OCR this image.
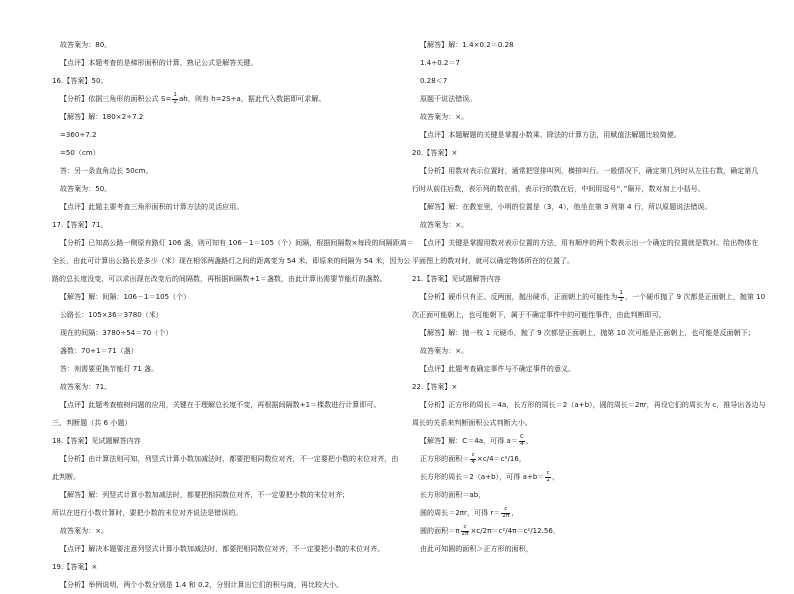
故答案为：80。
【点评】本题考查的是梯形面积的计算，熟记公式是解答关键。
16.【答案】50。
【分析】依据三角形的面积公式 $S= \frac{1}{2}$ ah，则有 h=2S÷a，据此代入数据即可求解。
【解答】解：180×2÷7.2
=360÷7.2
=50（cm）
答：另一条直角边长 50cm。
故答案为：50。
【点评】此题主要考查三角形面积的计算方法的灵活应用。
17.【答案】71。
【分析】已知高公路一侧原有路灯 106 盏，则可知有 106－1＝105（个）间隔，根据间隔数×每段的间隔距离＝
全长，由此可计算出公路长是多少（米）现在相邻两盏路灯之间的距离变为 54 米，即原来的间隔为 54 米，因为公
路的总长度没变，可以求出现在改变后的间隔数，再根据间隔数+1＝盏数，由此计算出需要节能灯的盏数。
【解答】解：间隔：106－1＝105（个）
公路长：105×36＝3780（米）
现在的间隔：3780÷54＝70（个）
盏数：70+1＝71（盏）
答：则需要更换节能灯 71 盏。
故答案为：71。
【点评】此题考查植树问题的应用，关键在于理解总长度不变，再根据间隔数+1＝棵数进行计算即可。
三、判断题（共 6 小题）
18.【答案】见试题解答内容
【分析】由计算法则可知，列竖式计算小数加减法时，都要把相同数位对齐，不一定要把小数的末位对齐，由
此判断。
【解答】解：列竖式计算小数加减法时，都要把相同数位对齐，不一定要把小数的末位对齐；
所以在进行小数计算时，要把小数的末位对齐说法是错误的。
故答案为：×。
【点评】解决本题要注意列竖式计算小数加减法时，都要把相同数位对齐，不一定要把小数的末位对齐。
19.【答案】×
【分析】举例说明，两个小数分别是 1.4 和 0.2，分别计算出它们的积与商，再比较大小。
【解答】解：1.4×0.2＝0.28
1.4÷0.2＝7
0.28＜7
原题干说法错误。
故答案为：×。
【点评】本题解题的关键是掌握小数乘、除法的计算方法，用赋值法解题比较简便。
20.【答案】×
【分析】用数对表示位置时，通常把竖排叫列，横排叫行。一般情况下，确定第几列时从左往右数，确定第几
行时从前往后数，表示列的数在前，表示行的数在后，中间用逗号“，”隔开，数对加上小括号。
【解答】解：在教室里，小明的位置是（3，4），他坐在第 3 列第 4 行，所以原题说法错误。
故答案为：×。
【点评】关键是掌握用数对表示位置的方法，用有顺序的两个数表示出一个确定的位置就是数对。给出物体在
平面图上的数对时，就可以确定物体所在的位置了。
21.【答案】见试题解答内容
【分析】硬币只有正、反两面，抛出硬币，正面朝上的可能性为 $\frac{1}{2}$ ，一个硬币抛了 9 次都是正面朝上，抛第 10
次正面可能朝上，也可能朝下，属于不确定事件中的可能性事件，由此判断即可。
【解答】解：抛一枚 1 元硬币，抛了 9 次都是正面朝上，抛第 10 次可能是正面朝上，也可能是反面朝下；
故答案为：×。
【点评】此题考查确定事件与不确定事件的意义。
22.【答案】×
【分析】正方形的周长＝4a，长方形的周长＝2（a+b），圆的周长＝2πr，再设它们的周长为 c，推导出各边与
周长的关系来判断面积公式判断大小。
【解答】解：C＝4a，可得 $a= \frac{C}{4}$ ，
正方形的面积＝ $\frac{c}{4} \times c/4=c^2/16$，
长方形的周长＝2（a+b），可得 $a+b= \frac{c}{2}$ ，
长方形的面积＝ab，
圆的周长＝2πr，可得 $r= \frac{c}{2\pi}$ ，
圆的面积$=\pi \frac{c}{2\pi} \times c/2\pi=c^2/4\pi=c^2/12.56$，
由此可知圆的面积＞正方形的面积，
